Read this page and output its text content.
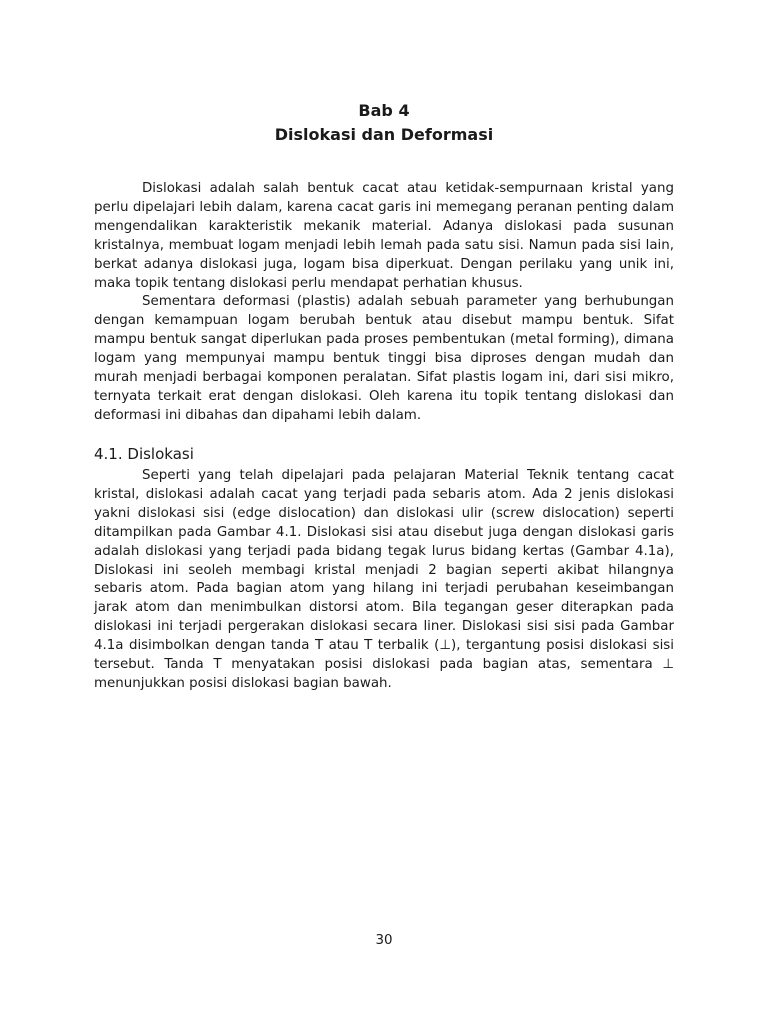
Bab 4
Dislokasi dan Deformasi

Dislokasi adalah salah bentuk cacat atau ketidak-sempurnaan kristal yang perlu dipelajari lebih dalam, karena cacat garis ini memegang peranan penting dalam mengendalikan karakteristik mekanik material. Adanya dislokasi pada susunan kristalnya, membuat logam menjadi lebih lemah pada satu sisi. Namun pada sisi lain, berkat adanya dislokasi juga, logam bisa diperkuat. Dengan perilaku yang unik ini, maka topik tentang dislokasi perlu mendapat perhatian khusus.

Sementara deformasi (plastis) adalah sebuah parameter yang berhubungan dengan kemampuan logam berubah bentuk atau disebut mampu bentuk. Sifat mampu bentuk sangat diperlukan pada proses pembentukan (metal forming), dimana logam yang mempunyai mampu bentuk tinggi bisa diproses dengan mudah dan murah menjadi berbagai komponen peralatan. Sifat plastis logam ini, dari sisi mikro, ternyata terkait erat dengan dislokasi. Oleh karena itu topik tentang dislokasi dan deformasi ini dibahas dan dipahami lebih dalam.

4.1. Dislokasi

Seperti yang telah dipelajari pada pelajaran Material Teknik tentang cacat kristal, dislokasi adalah cacat yang terjadi pada sebaris atom. Ada 2 jenis dislokasi yakni dislokasi sisi (edge dislocation) dan dislokasi ulir (screw dislocation) seperti ditampilkan pada Gambar 4.1. Dislokasi sisi atau disebut juga dengan dislokasi garis adalah dislokasi yang terjadi pada bidang tegak lurus bidang kertas (Gambar 4.1a), Dislokasi ini seoleh membagi kristal menjadi 2 bagian seperti akibat hilangnya sebaris atom. Pada bagian atom yang hilang ini terjadi perubahan keseimbangan jarak atom dan menimbulkan distorsi atom. Bila tegangan geser diterapkan pada dislokasi ini terjadi pergerakan dislokasi secara liner. Dislokasi sisi sisi pada Gambar 4.1a disimbolkan dengan tanda T atau T terbalik (⊥), tergantung posisi dislokasi sisi tersebut. Tanda T menyatakan posisi dislokasi pada bagian atas, sementara ⊥ menunjukkan posisi dislokasi bagian bawah.

30
